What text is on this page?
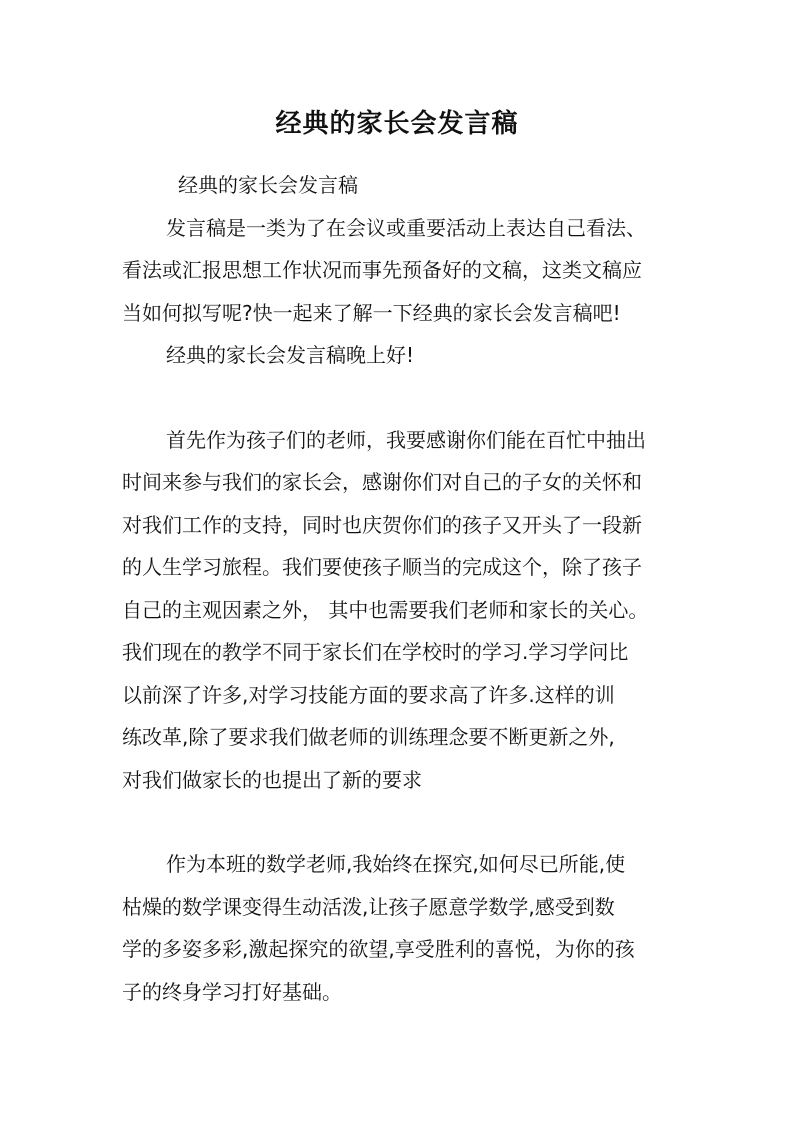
经典的家长会发言稿

经典的家长会发言稿

发言稿是一类为了在会议或重要活动上表达自己看法、
看法或汇报思想工作状况而事先预备好的文稿，这类文稿应
当如何拟写呢?快一起来了解一下经典的家长会发言稿吧!

经典的家长会发言稿晚上好!

首先作为孩子们的老师，我要感谢你们能在百忙中抽出
时间来参与我们的家长会，感谢你们对自己的子女的关怀和
对我们工作的支持，同时也庆贺你们的孩子又开头了一段新
的人生学习旅程。我们要使孩子顺当的完成这个，除了孩子
自己的主观因素之外， 其中也需要我们老师和家长的关心。
我们现在的教学不同于家长们在学校时的学习.学习学问比
以前深了许多,对学习技能方面的要求高了许多.这样的训
练改革,除了要求我们做老师的训练理念要不断更新之外,
对我们做家长的也提出了新的要求

作为本班的数学老师,我始终在探究,如何尽已所能,使
枯燥的数学课变得生动活泼,让孩子愿意学数学,感受到数
学的多姿多彩,激起探究的欲望,享受胜利的喜悦，为你的孩
子的终身学习打好基础。
